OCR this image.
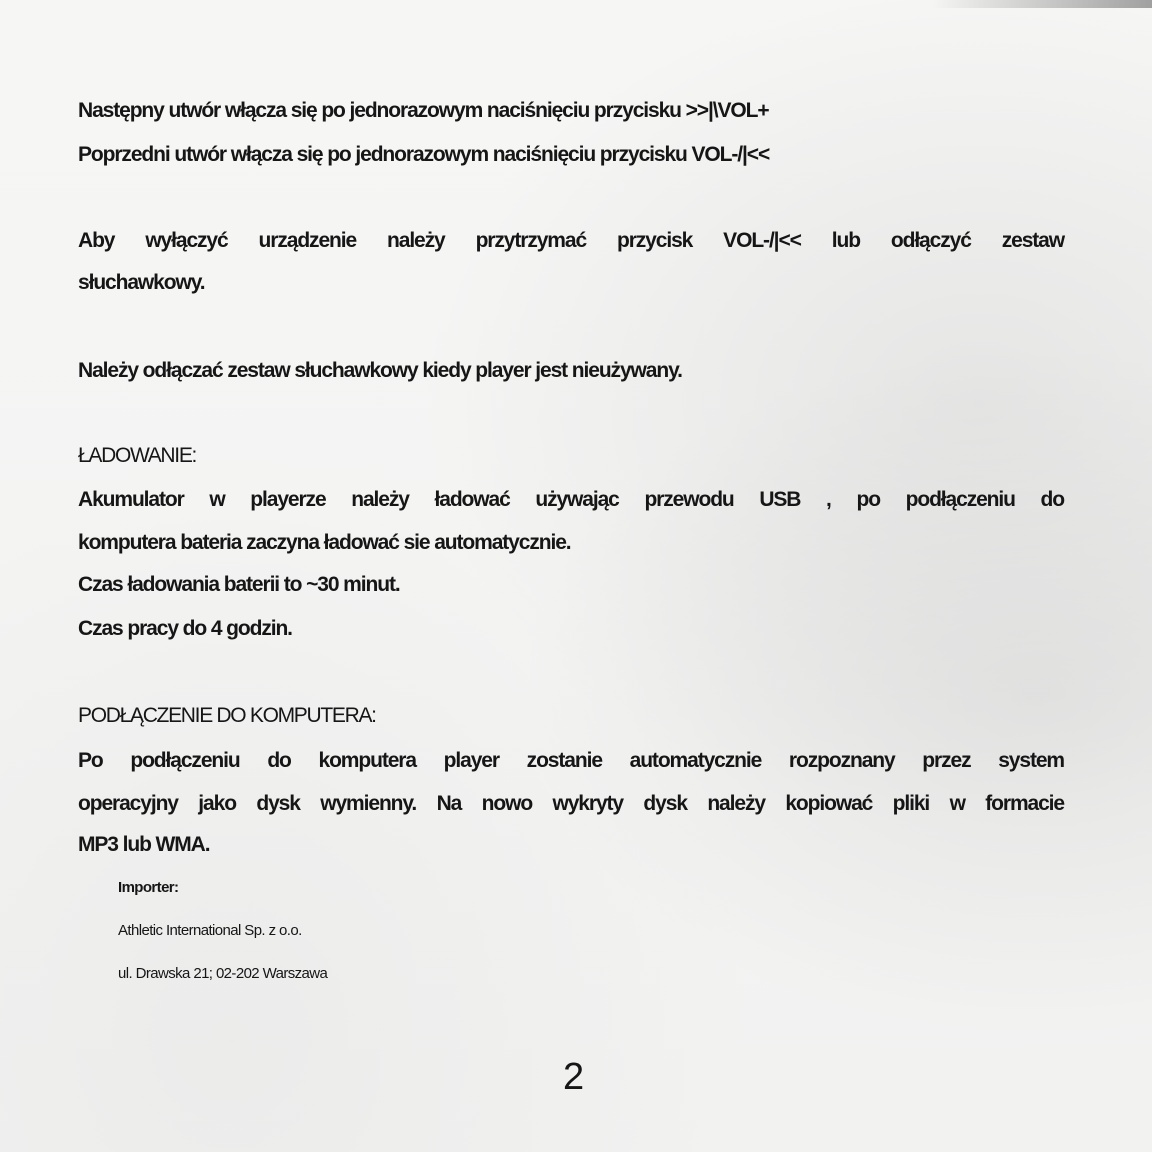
Następny utwór włącza się po jednorazowym naciśnięciu przycisku >>|\VOL+
Poprzedni utwór włącza się po jednorazowym naciśnięciu przycisku VOL-/|<<
Aby wyłączyć urządzenie należy przytrzymać przycisk VOL-/|<< lub odłączyć zestaw
słuchawkowy.
Należy odłączać zestaw słuchawkowy kiedy player jest nieużywany.
ŁADOWANIE:
Akumulator w playerze należy ładować używając przewodu USB , po podłączeniu do
komputera bateria zaczyna ładować sie automatycznie.
Czas ładowania baterii to ~30 minut.
Czas pracy do 4 godzin.
PODŁĄCZENIE DO KOMPUTERA:
Po podłączeniu do komputera player zostanie automatycznie rozpoznany przez system
operacyjny jako dysk wymienny. Na nowo wykryty dysk należy kopiować pliki w formacie
MP3 lub WMA.
Importer:
Athletic International Sp. z o.o.
ul. Drawska 21; 02-202 Warszawa
2
